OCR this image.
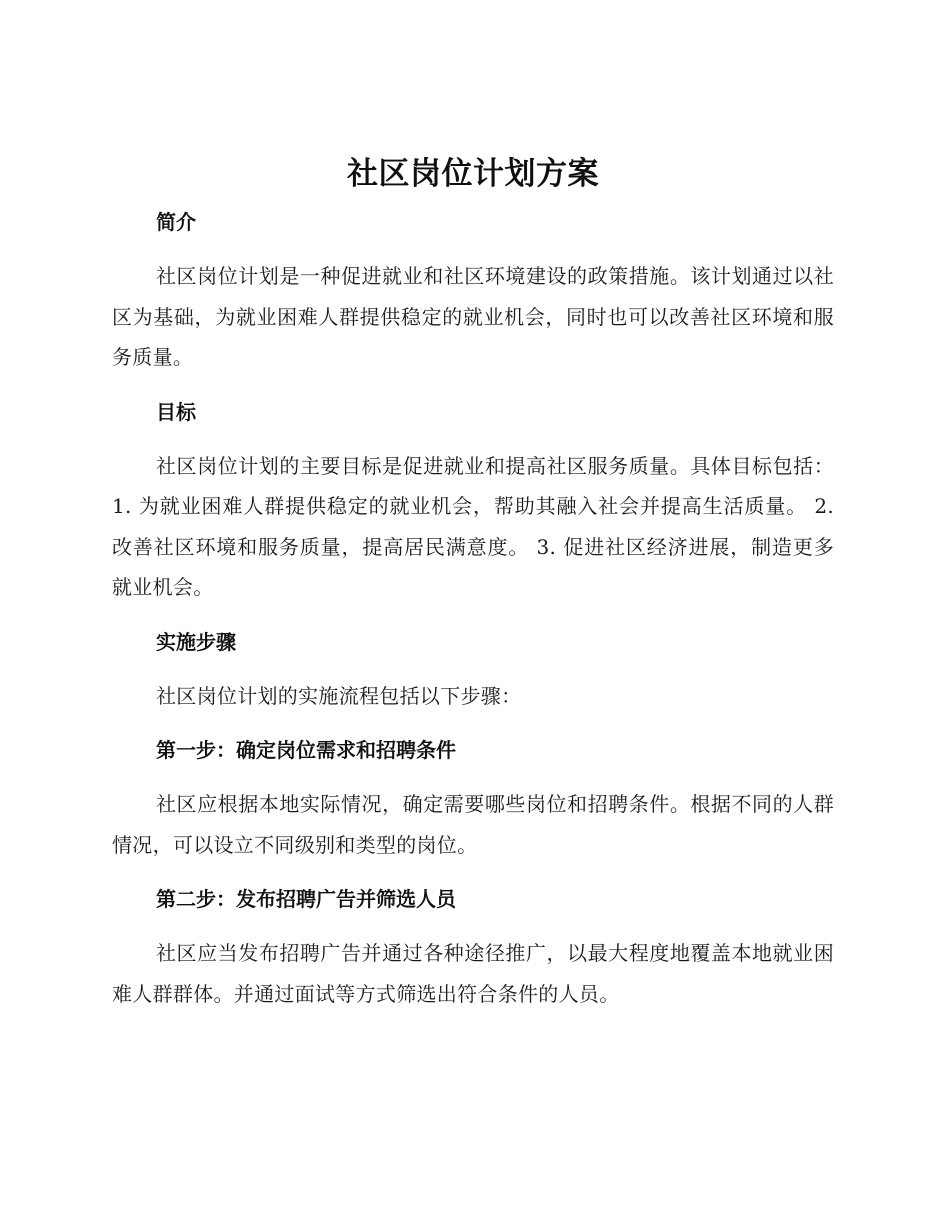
社区岗位计划方案
简介

社区岗位计划是一种促进就业和社区环境建设的政策措施。该计划通过以社区为基础，为就业困难人群提供稳定的就业机会，同时也可以改善社区环境和服务质量。

目标

社区岗位计划的主要目标是促进就业和提高社区服务质量。具体目标包括： 1. 为就业困难人群提供稳定的就业机会，帮助其融入社会并提高生活质量。 2. 改善社区环境和服务质量，提高居民满意度。 3. 促进社区经济进展，制造更多就业机会。

实施步骤

社区岗位计划的实施流程包括以下步骤：

第一步：确定岗位需求和招聘条件

社区应根据本地实际情况，确定需要哪些岗位和招聘条件。根据不同的人群情况，可以设立不同级别和类型的岗位。

第二步：发布招聘广告并筛选人员

社区应当发布招聘广告并通过各种途径推广，以最大程度地覆盖本地就业困难人群群体。并通过面试等方式筛选出符合条件的人员。
